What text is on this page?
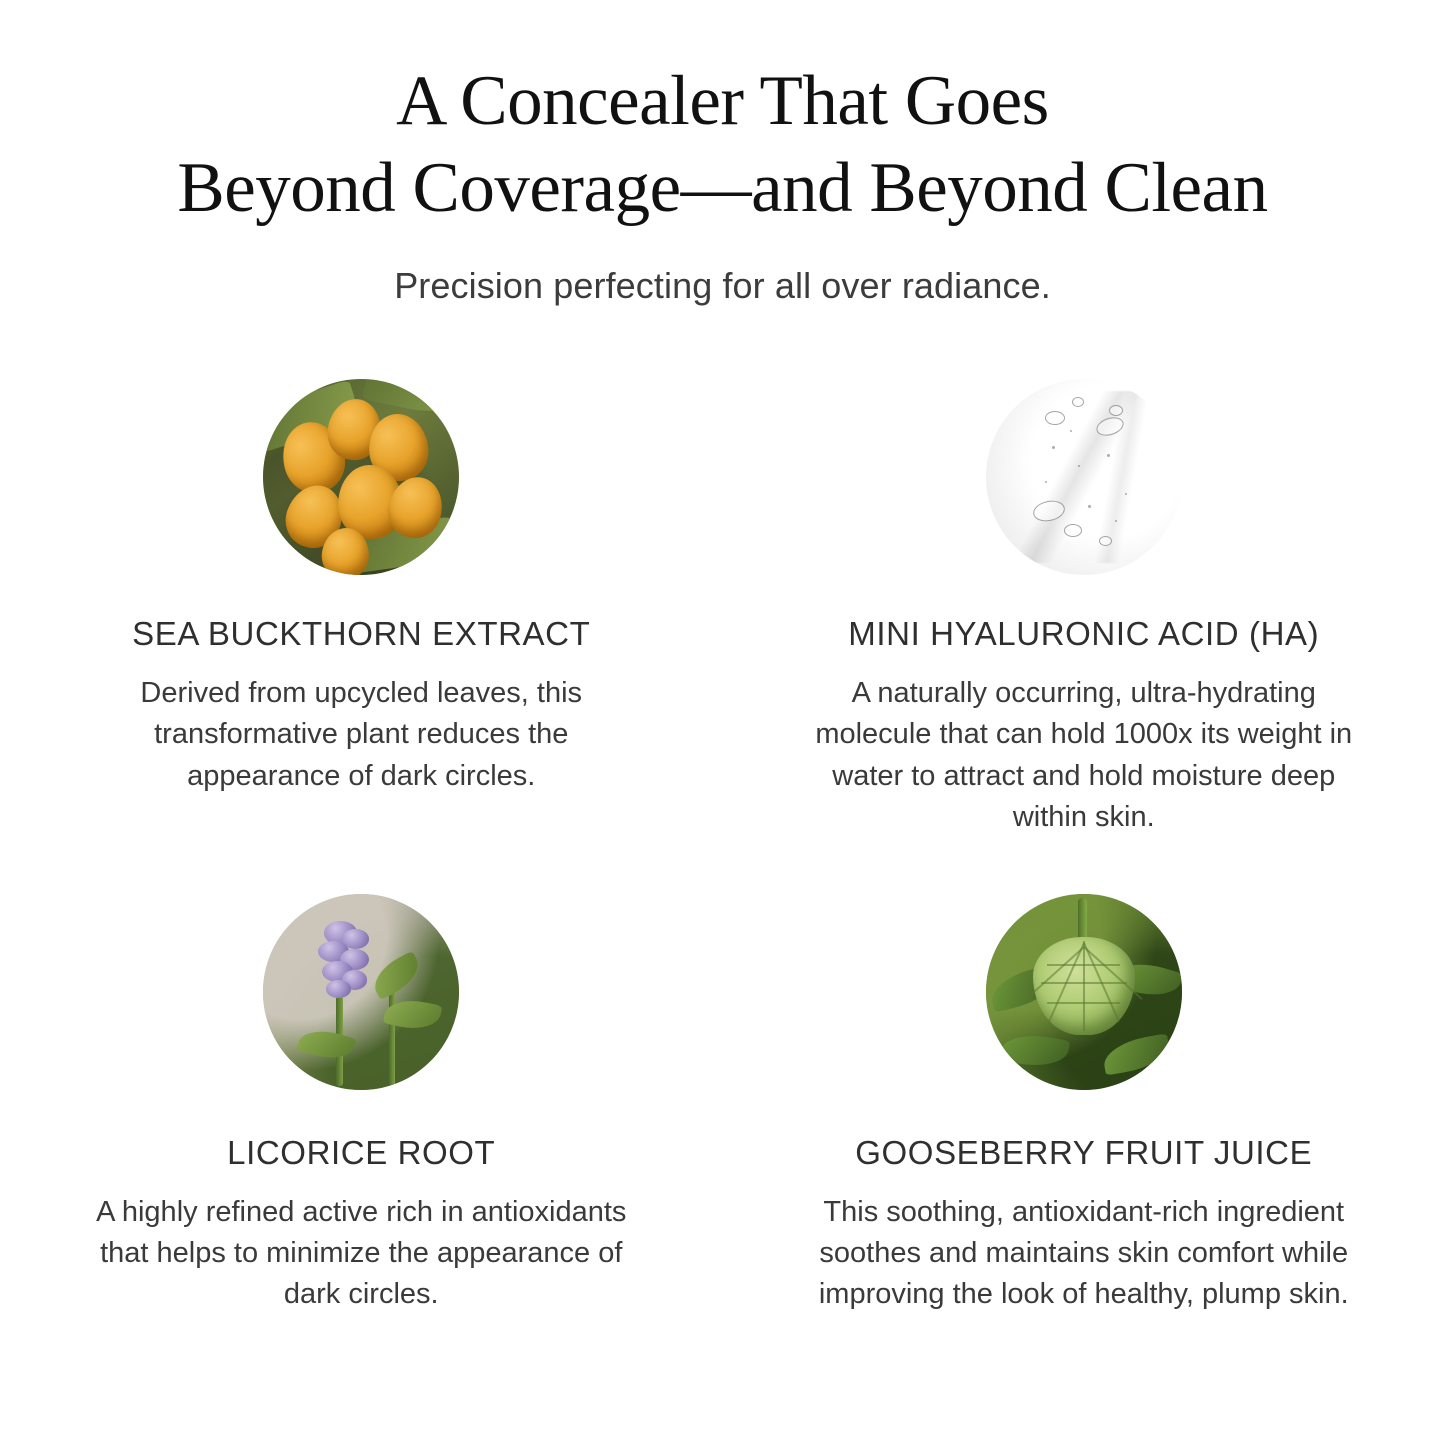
A Concealer That Goes
Beyond Coverage—and Beyond Clean

Precision perfecting for all over radiance.

SEA BUCKTHORN EXTRACT
Derived from upcycled leaves, this transformative plant reduces the appearance of dark circles.
MINI HYALURONIC ACID (HA)
A naturally occurring, ultra-hydrating molecule that can hold 1000x its weight in water to attract and hold moisture deep within skin.
LICORICE ROOT
A highly refined active rich in antioxidants that helps to minimize the appearance of dark circles.
GOOSEBERRY FRUIT JUICE
This soothing, antioxidant-rich ingredient soothes and maintains skin comfort while improving the look of healthy, plump skin.
